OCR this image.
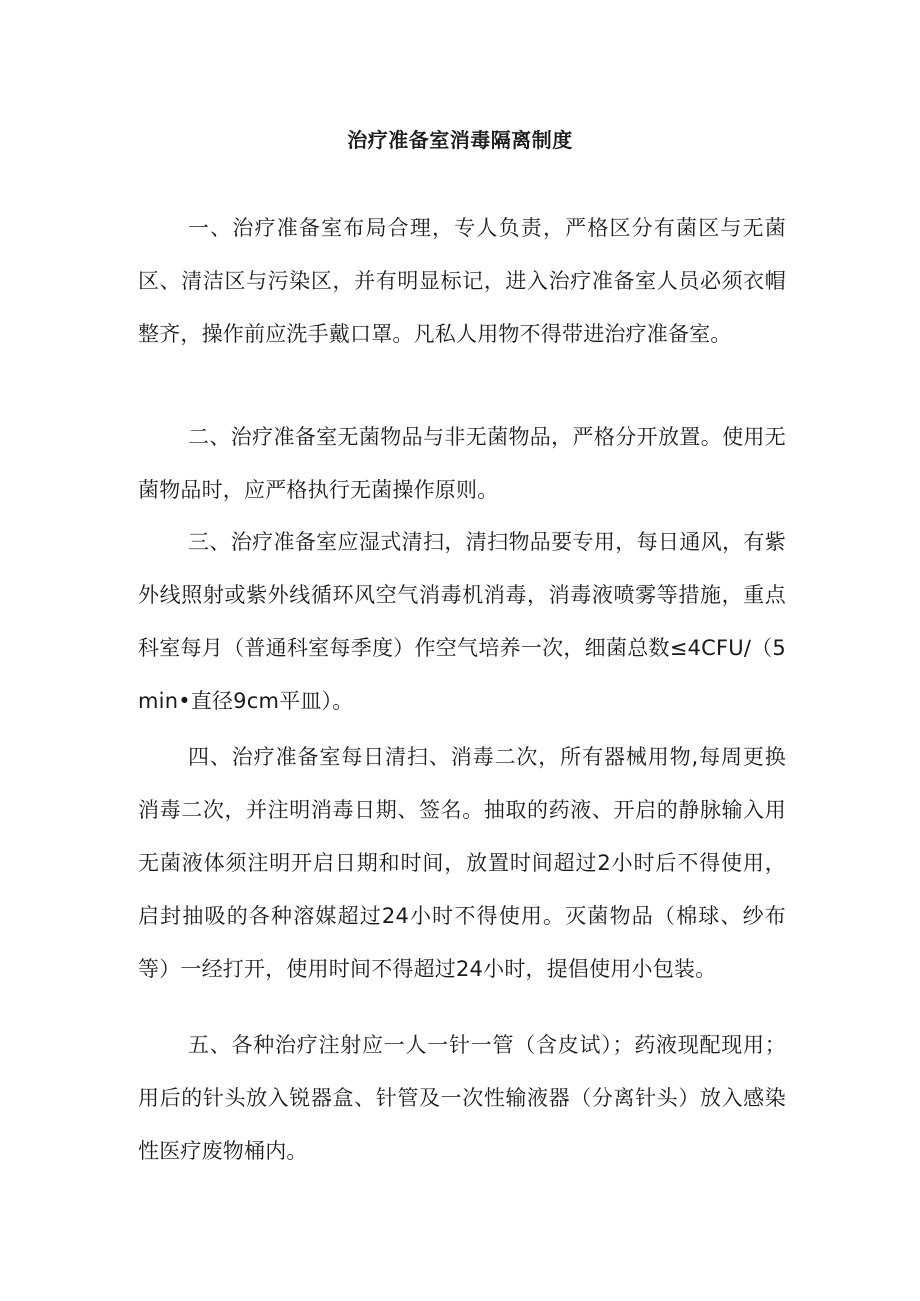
治疗准备室消毒隔离制度

一、治疗准备室布局合理，专人负责，严格区分有菌区与无菌区、清洁区与污染区，并有明显标记，进入治疗准备室人员必须衣帽整齐，操作前应洗手戴口罩。凡私人用物不得带进治疗准备室。

二、治疗准备室无菌物品与非无菌物品，严格分开放置。使用无菌物品时，应严格执行无菌操作原则。

三、治疗准备室应湿式清扫，清扫物品要专用，每日通风，有紫外线照射或紫外线循环风空气消毒机消毒，消毒液喷雾等措施，重点科室每月（普通科室每季度）作空气培养一次，细菌总数≤4CFU∕（5min•直径9cm平皿）。

四、治疗准备室每日清扫、消毒二次，所有器械用物,每周更换消毒二次，并注明消毒日期、签名。抽取的药液、开启的静脉输入用无菌液体须注明开启日期和时间，放置时间超过2小时后不得使用，启封抽吸的各种溶媒超过24小时不得使用。灭菌物品（棉球、纱布等）一经打开，使用时间不得超过24小时，提倡使用小包装。

五、各种治疗注射应一人一针一管（含皮试）；药液现配现用；用后的针头放入锐器盒、针管及一次性输液器（分离针头）放入感染性医疗废物桶内。
